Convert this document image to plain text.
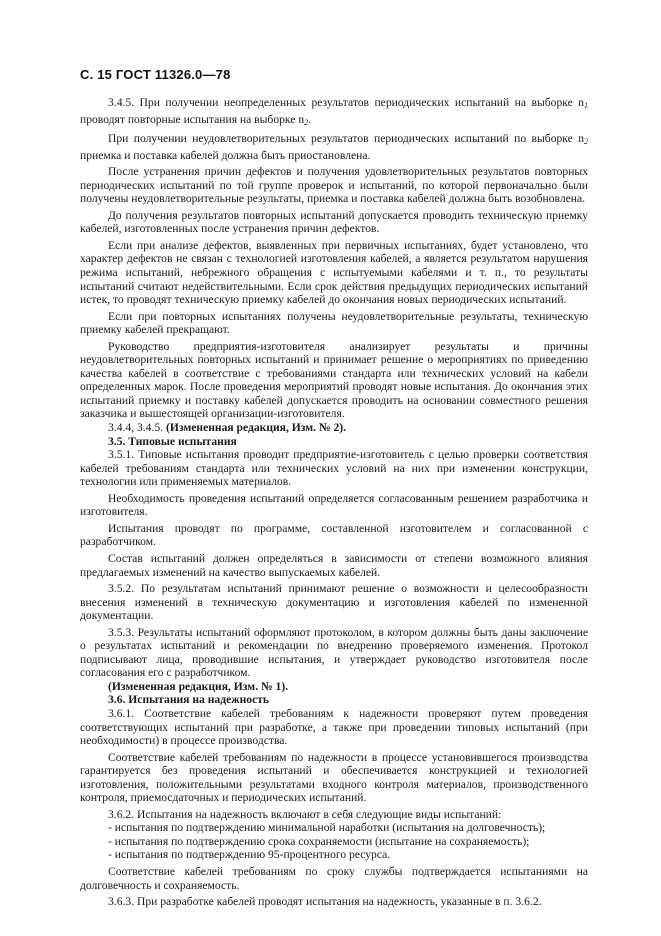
С. 15 ГОСТ 11326.0—78

3.4.5. При получении неопределенных результатов периодических испытаний на выборке $n_1$ проводят повторные испытания на выборке $n_2$.

При получении неудовлетворительных результатов периодических испытаний по выборке $n_2$ приемка и поставка кабелей должна быть приостановлена.

После устранения причин дефектов и получения удовлетворительных результатов повторных периодических испытаний по той группе проверок и испытаний, по которой первоначально были получены неудовлетворительные результаты, приемка и поставка кабелей должна быть возобновлена.

До получения результатов повторных испытаний допускается проводить техническую приемку кабелей, изготовленных после устранения причин дефектов.

Если при анализе дефектов, выявленных при первичных испытаниях, будет установлено, что характер дефектов не связан с технологией изготовления кабелей, а является результатом нарушения режима испытаний, небрежного обращения с испытуемыми кабелями и т. п., то результаты испытаний считают недействительными. Если срок действия предыдущих периодических испытаний истек, то проводят техническую приемку кабелей до окончания новых периодических испытаний.

Если при повторных испытаниях получены неудовлетворительные результаты, техническую приемку кабелей прекращают.

Руководство предприятия-изготовителя анализирует результаты и причины неудовлетворительных повторных испытаний и принимает решение о мероприятиях по приведению качества кабелей в соответствие с требованиями стандарта или технических условий на кабели определенных марок. После проведения мероприятий проводят новые испытания. До окончания этих испытаний приемку и поставку кабелей допускается проводить на основании совместного решения заказчика и вышестоящей организации-изготовителя.

3.4.4, 3.4.5. (Измененная редакция, Изм. № 2).

3.5. Типовые испытания

3.5.1. Типовые испытания проводит предприятие-изготовитель с целью проверки соответствия кабелей требованиям стандарта или технических условий на них при изменении конструкции, технологии или применяемых материалов.

Необходимость проведения испытаний определяется согласованным решением разработчика и изготовителя.

Испытания проводят по программе, составленной изготовителем и согласованной с разработчиком.

Состав испытаний должен определяться в зависимости от степени возможного влияния предлагаемых изменений на качество выпускаемых кабелей.

3.5.2. По результатам испытаний принимают решение о возможности и целесообразности внесения изменений в техническую документацию и изготовления кабелей по измененной документации.

3.5.3. Результаты испытаний оформляют протоколом, в котором должны быть даны заключение о результатах испытаний и рекомендации по внедрению проверяемого изменения. Протокол подписывают лица, проводившие испытания, и утверждает руководство изготовителя после согласования его с разработчиком.

(Измененная редакция, Изм. № 1).

3.6. Испытания на надежность

3.6.1. Соответствие кабелей требованиям к надежности проверяют путем проведения соответствующих испытаний при разработке, а также при проведении типовых испытаний (при необходимости) в процессе производства.

Соответствие кабелей требованиям по надежности в процессе установившегося производства гарантируется без проведения испытаний и обеспечивается конструкцией и технологией изготовления, положительными результатами входного контроля материалов, производственного контроля, приемосдаточных и периодических испытаний.

3.6.2. Испытания на надежность включают в себя следующие виды испытаний:

- испытания по подтверждению минимальной наработки (испытания на долговечность);

- испытания по подтверждению срока сохраняемости (испытание на сохраняемость);

- испытания по подтверждению 95-процентного ресурса.

Соответствие кабелей требованиям по сроку службы подтверждается испытаниями на долговечность и сохраняемость.

3.6.3. При разработке кабелей проводят испытания на надежность, указанные в п. 3.6.2.
